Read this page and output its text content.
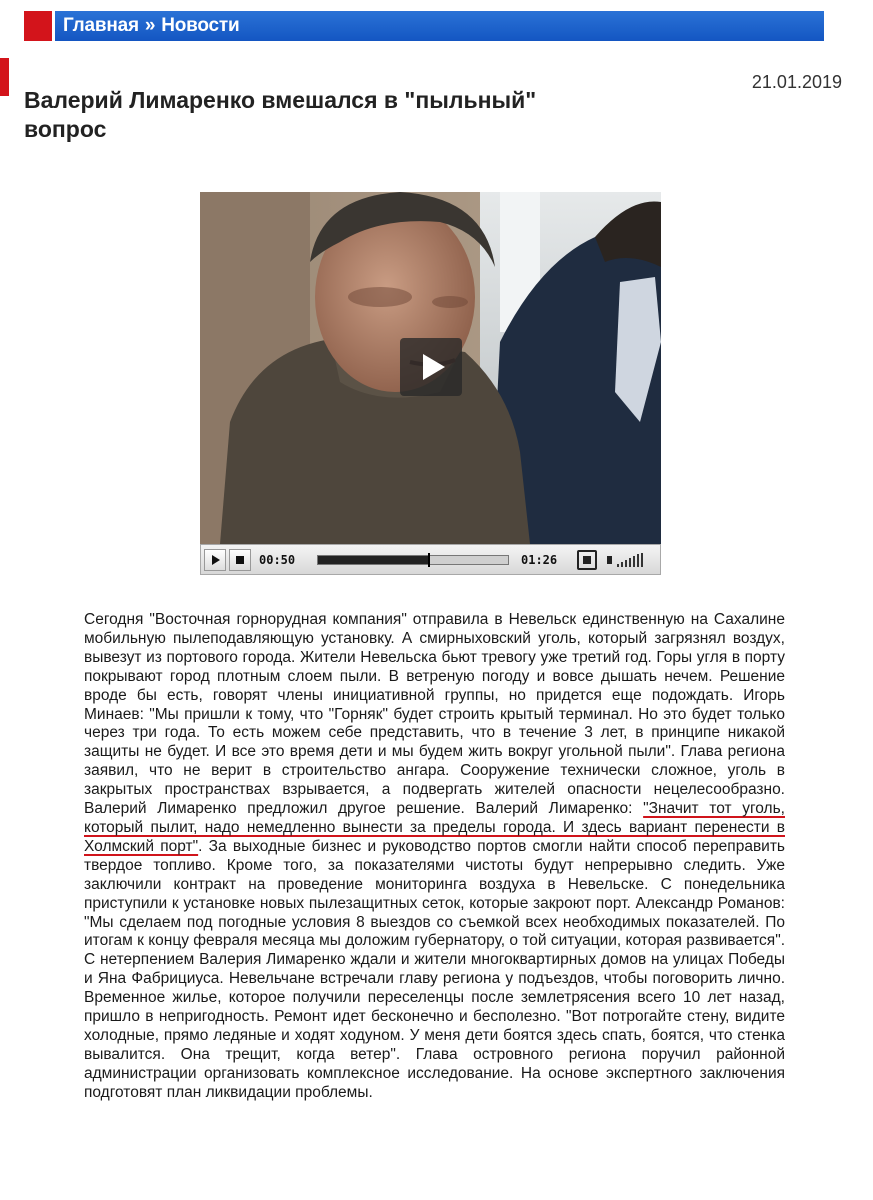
Главная » Новости
21.01.2019
Валерий Лимаренко вмешался в "пыльный" вопрос
00:50	01:26

Сегодня "Восточная горнорудная компания" отправила в Невельск единственную на Сахалине мобильную пылеподавляющую установку. А смирныховский уголь, который загрязнял воздух, вывезут из портового города. Жители Невельска бьют тревогу уже третий год. Горы угля в порту покрывают город плотным слоем пыли. В ветреную погоду и вовсе дышать нечем. Решение вроде бы есть, говорят члены инициативной группы, но придется еще подождать. Игорь Минаев: "Мы пришли к тому, что "Горняк" будет строить крытый терминал. Но это будет только через три года. То есть можем себе представить, что в течение 3 лет, в принципе никакой защиты не будет. И все это время дети и мы будем жить вокруг угольной пыли". Глава региона заявил, что не верит в строительство ангара. Сооружение технически сложное, уголь в закрытых пространствах взрывается, а подвергать жителей опасности нецелесообразно. Валерий Лимаренко предложил другое решение. Валерий Лимаренко: "Значит тот уголь, который пылит, надо немедленно вынести за пределы города. И здесь вариант перенести в Холмский порт". За выходные бизнес и руководство портов смогли найти способ переправить твердое топливо. Кроме того, за показателями чистоты будут непрерывно следить. Уже заключили контракт на проведение мониторинга воздуха в Невельске. С понедельника приступили к установке новых пылезащитных сеток, которые закроют порт. Александр Романов: "Мы сделаем под погодные условия 8 выездов со съемкой всех необходимых показателей. По итогам к концу февраля месяца мы доложим губернатору, о той ситуации, которая развивается". С нетерпением Валерия Лимаренко ждали и жители многоквартирных домов на улицах Победы и Яна Фабрициуса. Невельчане встречали главу региона у подъездов, чтобы поговорить лично. Временное жилье, которое получили переселенцы после землетрясения всего 10 лет назад, пришло в непригодность. Ремонт идет бесконечно и бесполезно. "Вот потрогайте стену, видите холодные, прямо ледяные и ходят ходуном. У меня дети боятся здесь спать, боятся, что стенка вывалится. Она трещит, когда ветер". Глава островного региона поручил районной администрации организовать комплексное исследование. На основе экспертного заключения подготовят план ликвидации проблемы.
